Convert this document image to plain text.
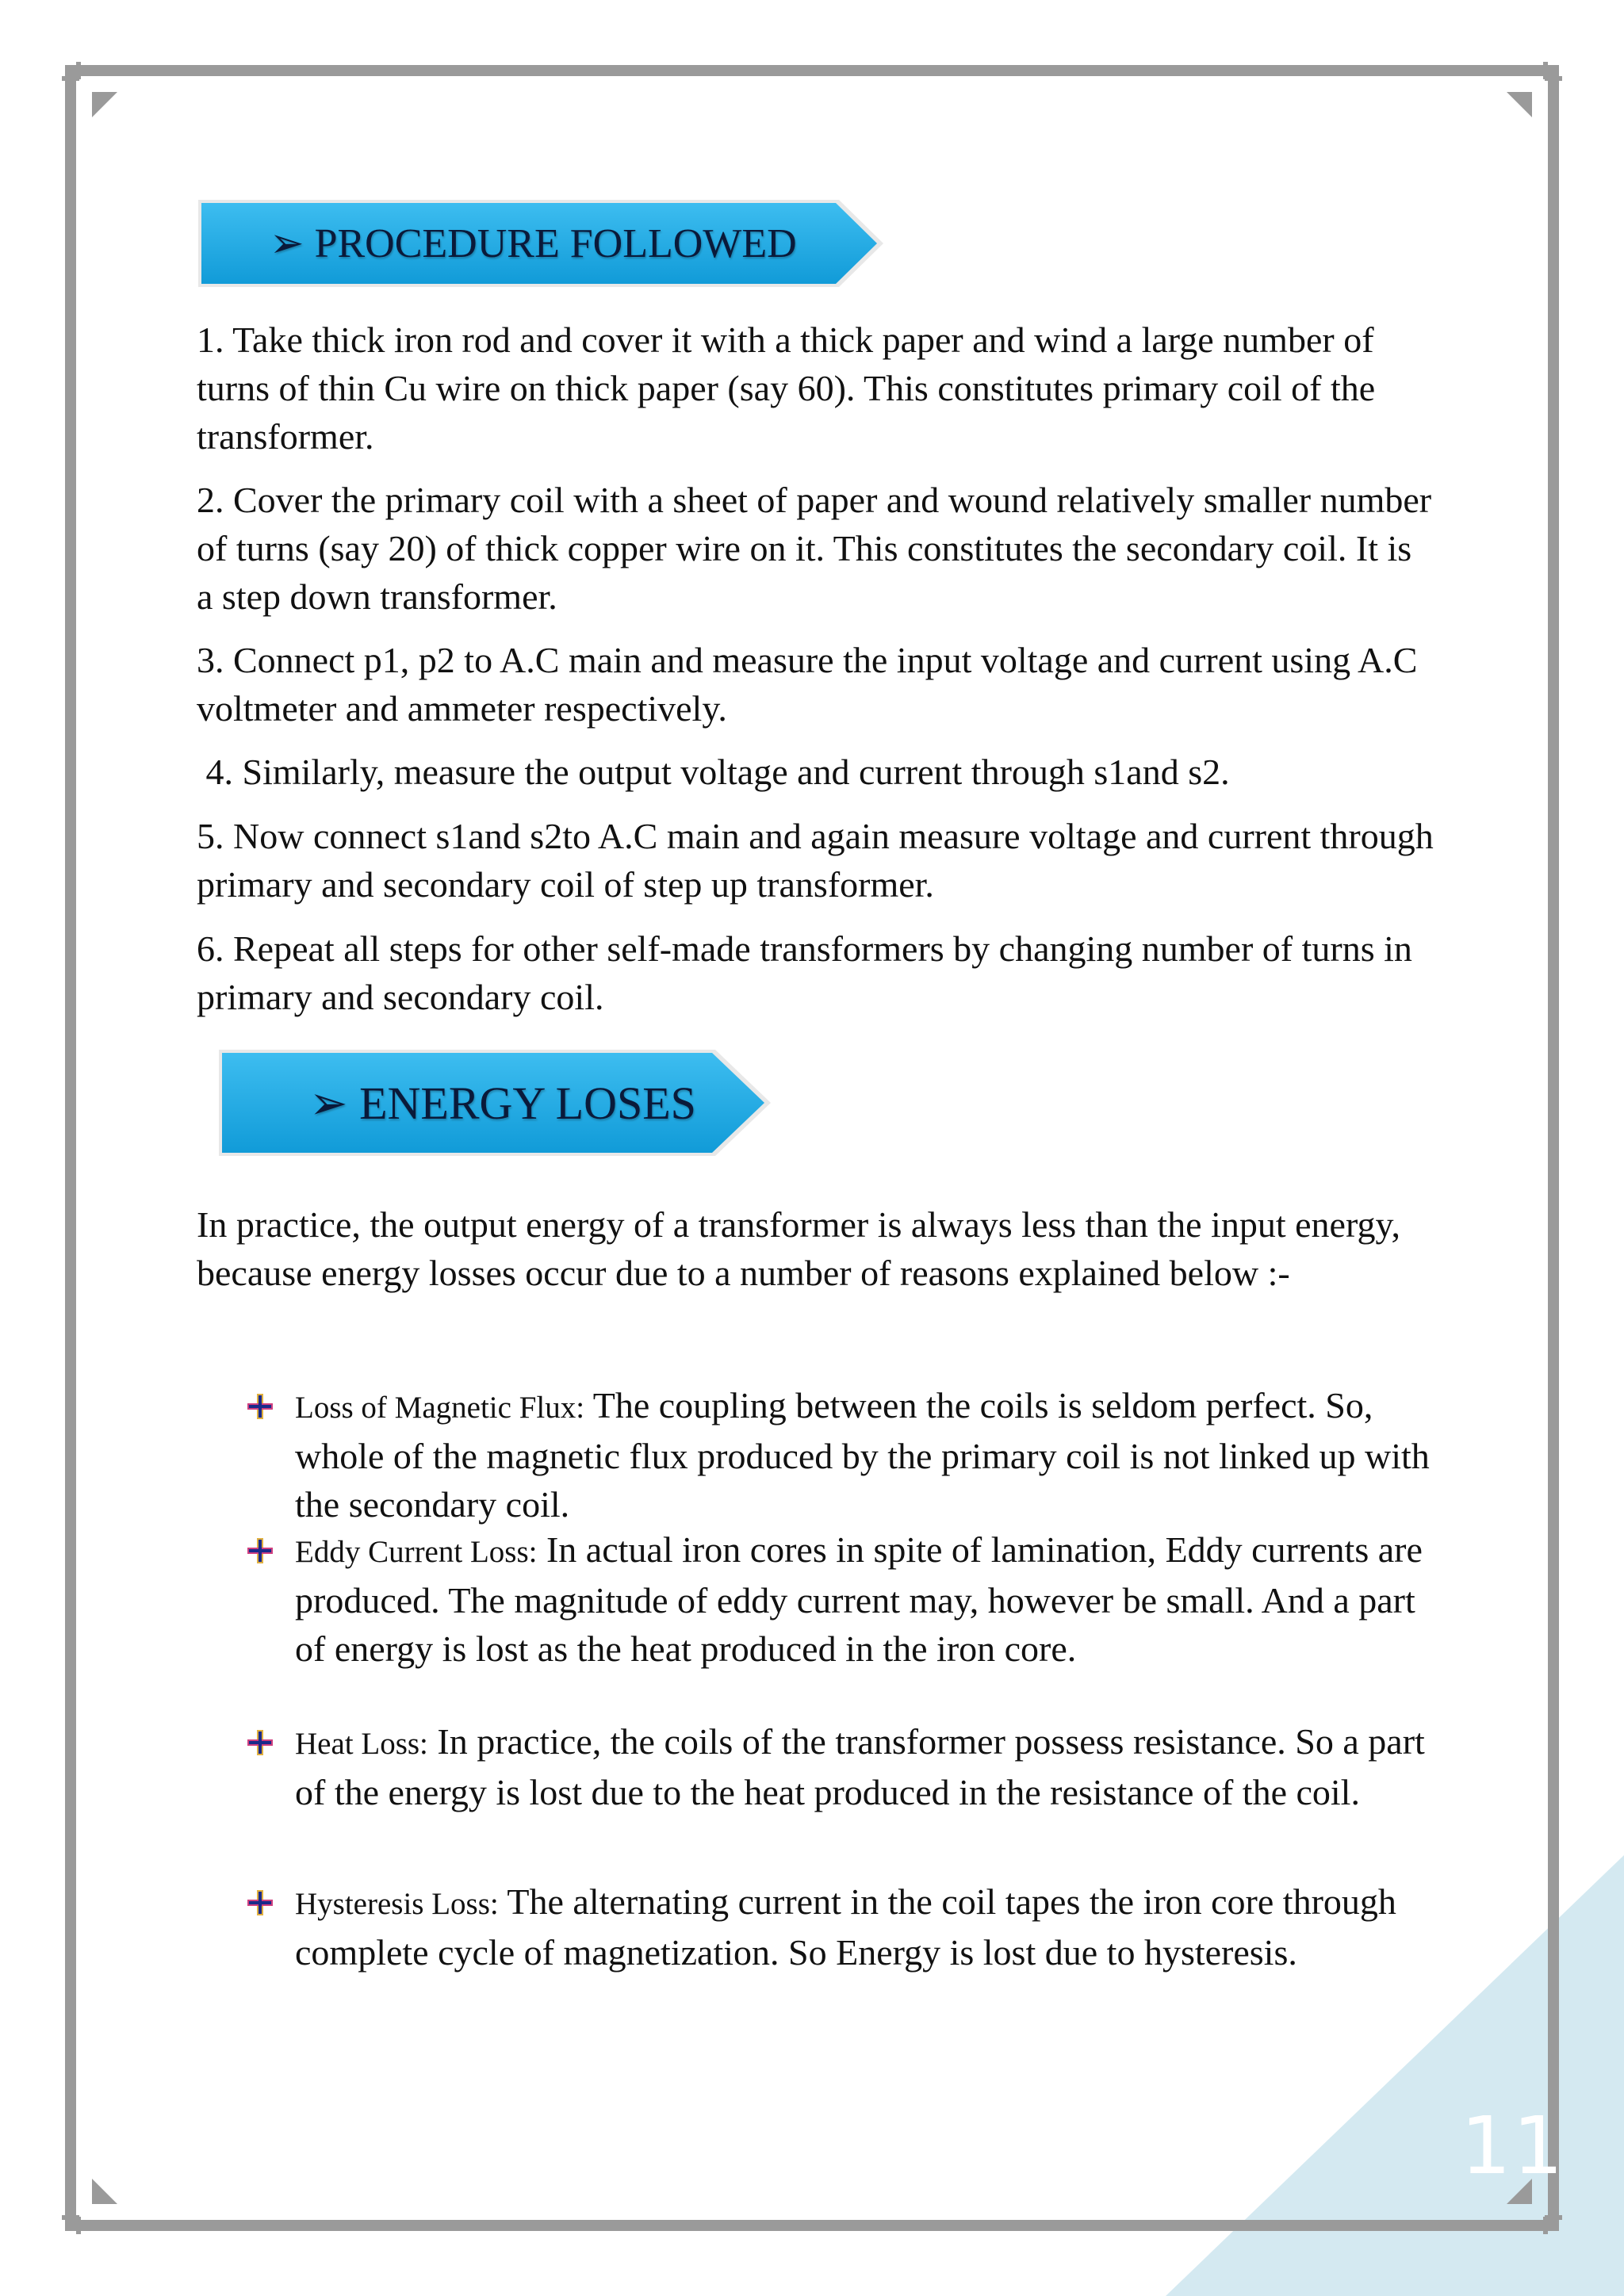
➢ PROCEDURE FOLLOWED

1. Take thick iron rod and cover it with a thick paper and wind a large number of turns of thin Cu wire on thick paper (say 60). This constitutes primary coil of the transformer.

2. Cover the primary coil with a sheet of paper and wound relatively smaller number of turns (say 20) of thick copper wire on it. This constitutes the secondary coil. It is a step down transformer.

3. Connect p1, p2 to A.C main and measure the input voltage and current using A.C voltmeter and ammeter respectively.

4. Similarly, measure the output voltage and current through s1and s2.

5. Now connect s1and s2to A.C main and again measure voltage and current through primary and secondary coil of step up transformer.

6. Repeat all steps for other self-made transformers by changing number of turns in primary and secondary coil.

➢ ENERGY LOSES

In practice, the output energy of a transformer is always less than the input energy, because energy losses occur due to a number of reasons explained below :-

Loss of Magnetic Flux: The coupling between the coils is seldom perfect. So, whole of the magnetic flux produced by the primary coil is not linked up with the secondary coil.

Eddy Current Loss: In actual iron cores in spite of lamination, Eddy currents are produced. The magnitude of eddy current may, however be small. And a part of energy is lost as the heat produced in the iron core.

Heat Loss: In practice, the coils of the transformer possess resistance. So a part of the energy is lost due to the heat produced in the resistance of the coil.

Hysteresis Loss: The alternating current in the coil tapes the iron core through complete cycle of magnetization. So Energy is lost due to hysteresis.

11
